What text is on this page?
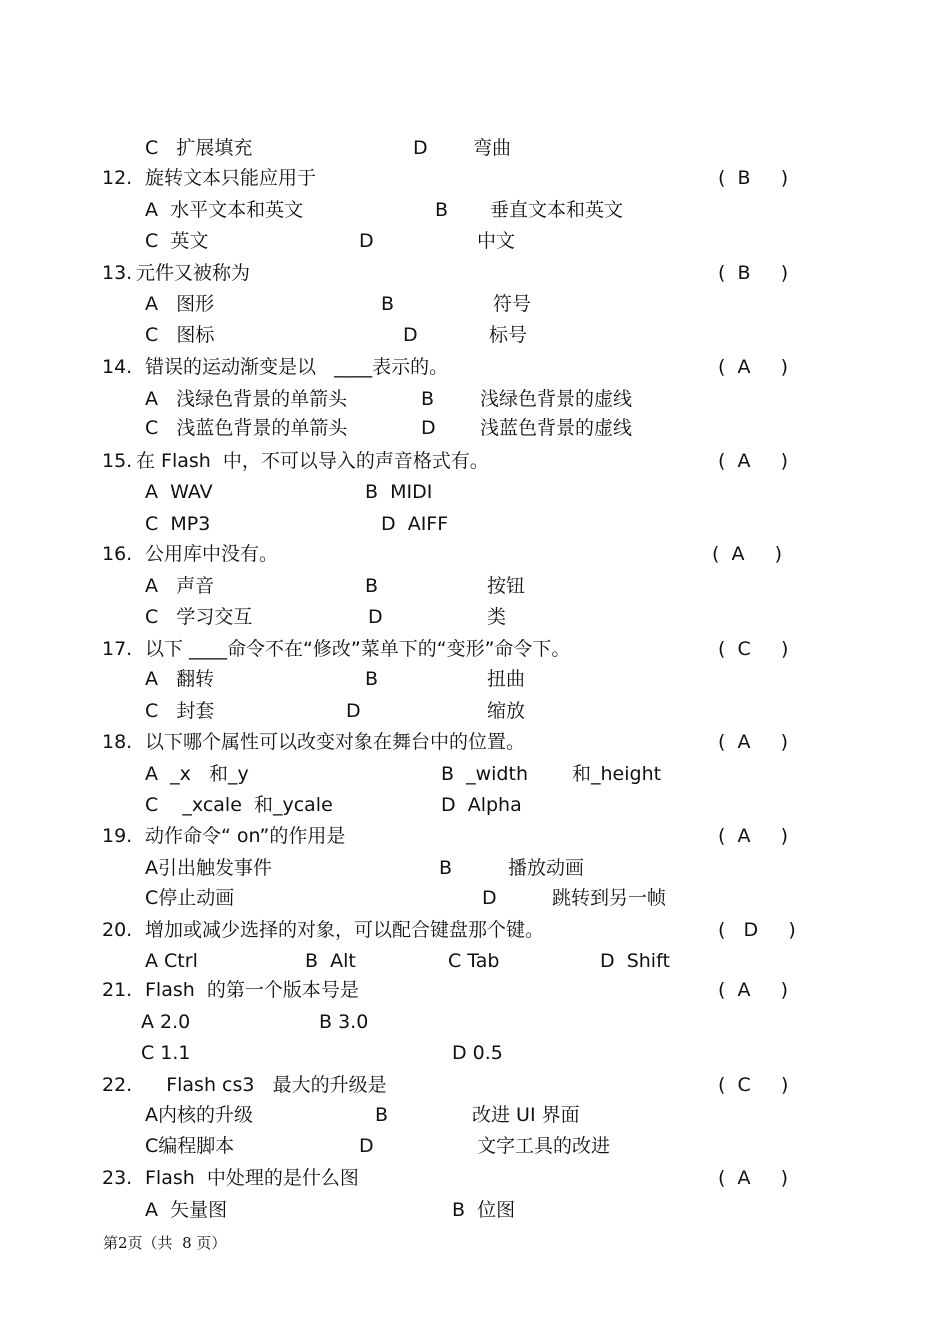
C   扩展填充	D 弯曲
12. 旋转文本只能应用于	(  B     )
A  水平文本和英文	B 垂直文本和英文
C  英文	D	中文
13. 元件又被称为	(  B     )
A   图形	B	符号
C   图标	D	标号
14. 错误的运动渐变是以   ____表示的。	(  A     )
A   浅绿色背景的单箭头	B 浅绿色背景的虚线
C   浅蓝色背景的单箭头	D 浅蓝色背景的虚线
15. 在 Flash  中，不可以导入的声音格式有。	(  A     )
A  WAV	B  MIDI
C  MP3	D  AIFF
16. 公用库中没有。	(  A     )
A   声音	B	按钮
C   学习交互	D	类
17. 以下 ____命令不在“修改”菜单下的“变形”命令下。	(  C     )
A   翻转	B	扭曲
C   封套	D	缩放
18. 以下哪个属性可以改变对象在舞台中的位置。	(  A     )
A  _x   和_y	B  _width 和_height
C    _xcale  和_ycale	D  Alpha
19. 动作命令“ on”的作用是	(  A     )
A引出触发事件	B	播放动画
C停止动画	D	跳转到另一帧
20. 增加或减少选择的对象，可以配合键盘那个键。	(   D     )
A Ctrl	B  Alt	C Tab	D  Shift
21. Flash  的第一个版本号是	(  A     )
A 2.0	B 3.0
C 1.1	D 0.5
22. Flash cs3   最大的升级是	(  C     )
A内核的升级	B	改进 UI 界面
C编程脚本	D	文字工具的改进
23. Flash  中处理的是什么图	(  A     )
A  矢量图	B  位图
第2页（共  8 页）
